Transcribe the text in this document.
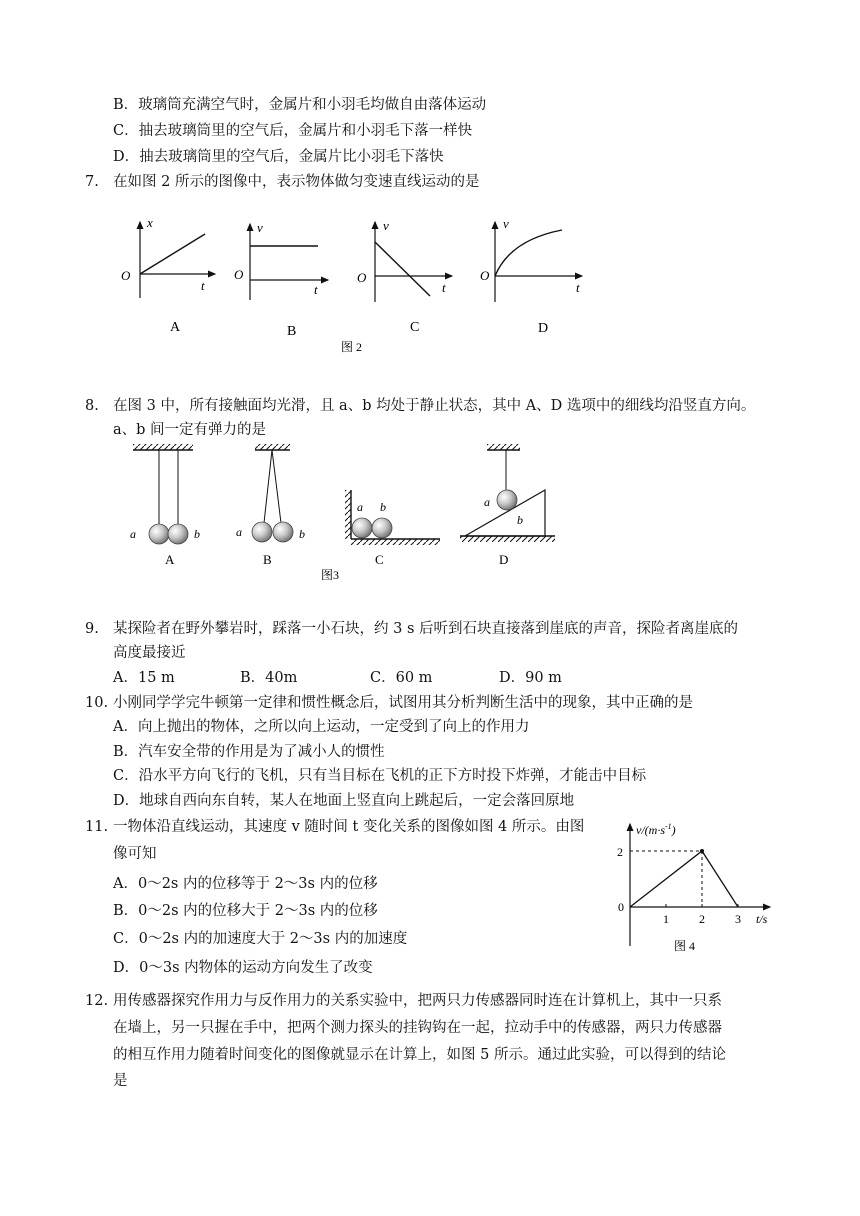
B．玻璃筒充满空气时，金属片和小羽毛均做自由落体运动
C．抽去玻璃筒里的空气后，金属片和小羽毛下落一样快
D．抽去玻璃筒里的空气后，金属片比小羽毛下落快
7. 在如图 2 所示的图像中，表示物体做匀变速直线运动的是
x
t
O
A
v
t
O
B
v
t
O
C
v
t
O
D
图 2
8. 在图 3 中，所有接触面均光滑，且 a、b 均处于静止状态，其中 A、D 选项中的细线均沿竖直方向。
a、b 间一定有弹力的是
a	b
A
a	b
B
a b
C
a
b
D
图3
9. 某探险者在野外攀岩时，踩落一小石块，约 3 s 后听到石块直接落到崖底的声音，探险者离崖底的
高度最接近
A．15 m	B．40m	C．60 m	D．90 m
10. 小刚同学学完牛顿第一定律和惯性概念后，试图用其分析判断生活中的现象，其中正确的是
A．向上抛出的物体，之所以向上运动，一定受到了向上的作用力
B．汽车安全带的作用是为了减小人的惯性
C．沿水平方向飞行的飞机，只有当目标在飞机的正下方时投下炸弹，才能击中目标
D．地球自西向东自转，某人在地面上竖直向上跳起后，一定会落回原地
11. 一物体沿直线运动，其速度 v 随时间 t 变化关系的图像如图 4 所示。由图
像可知
A．0～2s 内的位移等于 2～3s 内的位移
B．0～2s 内的位移大于 2～3s 内的位移
C．0～2s 内的加速度大于 2～3s 内的加速度
D．0～3s 内物体的运动方向发生了改变
$v/(m\cdot s^{-1})$
t/s
0
1	2	3
2
图 4
12. 用传感器探究作用力与反作用力的关系实验中，把两只力传感器同时连在计算机上，其中一只系
在墙上，另一只握在手中，把两个测力探头的挂钩钩在一起，拉动手中的传感器，两只力传感器
的相互作用力随着时间变化的图像就显示在计算上，如图 5 所示。通过此实验，可以得到的结论
是
